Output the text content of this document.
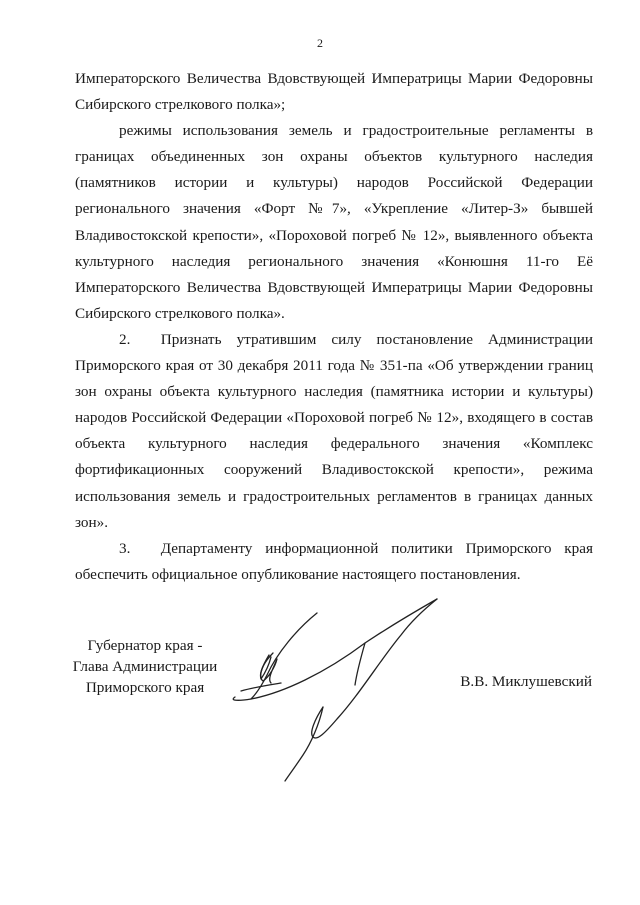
2

Императорского Величества Вдовствующей Императрицы Марии Федоровны Сибирского стрелкового полка»;

режимы использования земель и градостроительные регламенты в границах объединенных зон охраны объектов культурного наследия (памятников истории и культуры) народов Российской Федерации регионального значения «Форт №7», «Укрепление «Литер-З» бывшей Владивостокской крепости», «Пороховой погреб № 12», выявленного объекта культурного наследия регионального значения «Конюшня 11-го Её Императорского Величества Вдовствующей Императрицы Марии Федоровны Сибирского стрелкового полка».

2.  Признать утратившим силу постановление Администрации Приморского края от 30 декабря 2011 года № 351-па «Об утверждении границ зон охраны объекта культурного наследия (памятника истории и культуры) народов Российской Федерации «Пороховой погреб № 12», входящего в состав объекта культурного наследия федерального значения «Комплекс фортификационных сооружений Владивостокской крепости», режима использования земель и градостроительных регламентов в границах данных зон».

3.  Департаменту информационной политики Приморского края обеспечить официальное опубликование настоящего постановления.

Губернатор края -
Глава Администрации
Приморского края	В.В. Миклушевский
